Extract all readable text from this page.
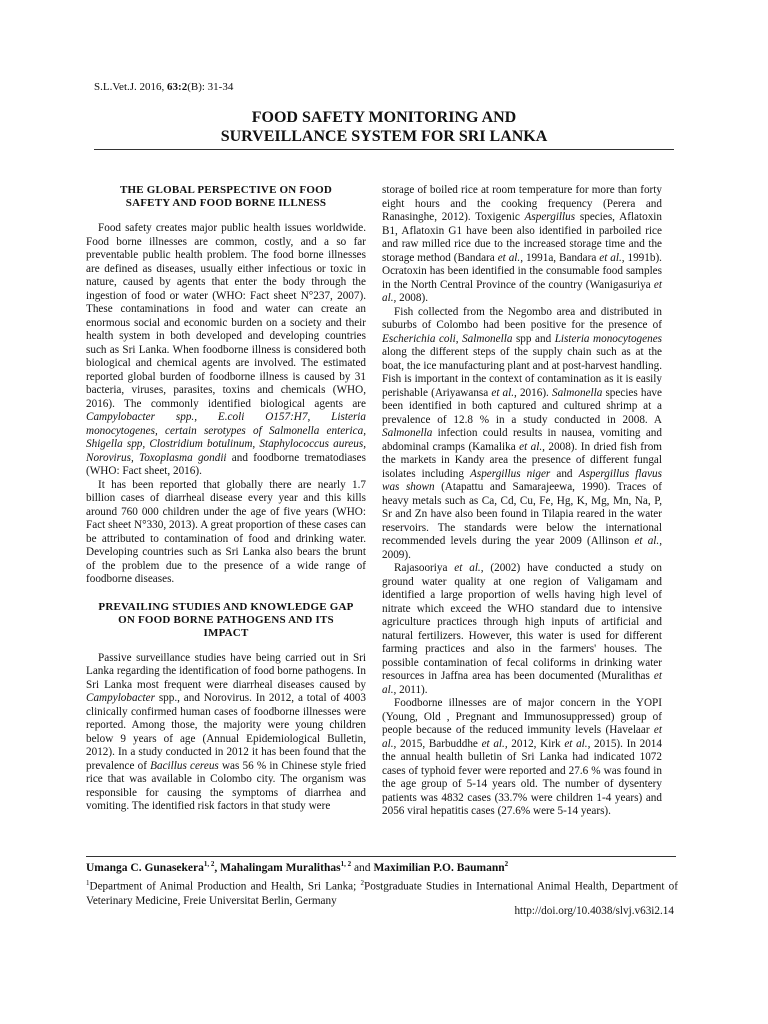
S.L.Vet.J. 2016, 63:2(B): 31-34
FOOD SAFETY MONITORING AND
SURVEILLANCE SYSTEM FOR SRI LANKA
THE GLOBAL PERSPECTIVE ON FOOD
SAFETY AND FOOD BORNE ILLNESS

Food safety creates major public health issues worldwide. Food borne illnesses are common, costly, and a so far preventable public health problem. The food borne illnesses are defined as diseases, usually either infectious or toxic in nature, caused by agents that enter the body through the ingestion of food or water (WHO: Fact sheet N°237, 2007). These contaminations in food and water can create an enormous social and economic burden on a society and their health system in both developed and developing countries such as Sri Lanka. When foodborne illness is considered both biological and chemical agents are involved. The estimated reported global burden of foodborne illness is caused by 31 bacteria, viruses, parasites, toxins and chemicals (WHO, 2016). The commonly identified biological agents are Campylobacter spp., E.coli O157:H7, Listeria monocytogenes, certain serotypes of Salmonella enterica, Shigella spp, Clostridium botulinum, Staphylococcus aureus, Norovirus, Toxoplasma gondii and foodborne trematodiases (WHO: Fact sheet, 2016).

It has been reported that globally there are nearly 1.7 billion cases of diarrheal disease every year and this kills around 760 000 children under the age of five years (WHO: Fact sheet N°330, 2013). A great proportion of these cases can be attributed to contamination of food and drinking water. Developing countries such as Sri Lanka also bears the brunt of the problem due to the presence of a wide range of foodborne diseases.

PREVAILING STUDIES AND KNOWLEDGE GAP
ON FOOD BORNE PATHOGENS AND ITS
IMPACT

Passive surveillance studies have being carried out in Sri Lanka regarding the identification of food borne pathogens. In Sri Lanka most frequent were diarrheal diseases caused by Campylobacter spp., and Norovirus. In 2012, a total of 4003 clinically confirmed human cases of foodborne illnesses were reported. Among those, the majority were young children below 9 years of age (Annual Epidemiological Bulletin, 2012). In a study conducted in 2012 it has been found that the prevalence of Bacillus cereus was 56 % in Chinese style fried rice that was available in Colombo city. The organism was responsible for causing the symptoms of diarrhea and vomiting. The identified risk factors in that study were

storage of boiled rice at room temperature for more than forty eight hours and the cooking frequency (Perera and Ranasinghe, 2012). Toxigenic Aspergillus species, Aflatoxin B1, Aflatoxin G1 have been also identified in parboiled rice and raw milled rice due to the increased storage time and the storage method (Bandara et al., 1991a, Bandara et al., 1991b). Ocratoxin has been identified in the consumable food samples in the North Central Province of the country (Wanigasuriya et al., 2008).

Fish collected from the Negombo area and distributed in suburbs of Colombo had been positive for the presence of Escherichia coli, Salmonella spp and Listeria monocytogenes along the different steps of the supply chain such as at the boat, the ice manufacturing plant and at post-harvest handling. Fish is important in the context of contamination as it is easily perishable (Ariyawansa et al., 2016). Salmonella species have been identified in both captured and cultured shrimp at a prevalence of 12.8 % in a study conducted in 2008. A Salmonella infection could results in nausea, vomiting and abdominal cramps (Kamalika et al., 2008). In dried fish from the markets in Kandy area the presence of different fungal isolates including Aspergillus niger and Aspergillus flavus was shown (Atapattu and Samarajeewa, 1990). Traces of heavy metals such as Ca, Cd, Cu, Fe, Hg, K, Mg, Mn, Na, P, Sr and Zn have also been found in Tilapia reared in the water reservoirs. The standards were below the international recommended levels during the year 2009 (Allinson et al., 2009).

Rajasooriya et al., (2002) have conducted a study on ground water quality at one region of Valigamam and identified a large proportion of wells having high level of nitrate which exceed the WHO standard due to intensive agriculture practices through high inputs of artificial and natural fertilizers. However, this water is used for different farming practices and also in the farmers' houses. The possible contamination of fecal coliforms in drinking water resources in Jaffna area has been documented (Muralithas et al., 2011).

Foodborne illnesses are of major concern in the YOPI (Young, Old , Pregnant and Immunosuppressed) group of people because of the reduced immunity levels (Havelaar et al., 2015, Barbuddhe et al., 2012, Kirk et al., 2015). In 2014 the annual health bulletin of Sri Lanka had indicated 1072 cases of typhoid fever were reported and 27.6 % was found in the age group of 5-14 years old. The number of dysentery patients was 4832 cases (33.7% were children 1-4 years) and 2056 viral hepatitis cases (27.6% were 5-14 years).

Umanga C. Gunasekera$^{1, 2}$, Mahalingam Muralithas$^{1, 2}$ and Maximilian P.O. Baumann$^2$
$^1$Department of Animal Production and Health, Sri Lanka; $^2$Postgraduate Studies in International Animal Health, Department of Veterinary Medicine, Freie Universitat Berlin, Germany
http://doi.org/10.4038/slvj.v63i2.14
